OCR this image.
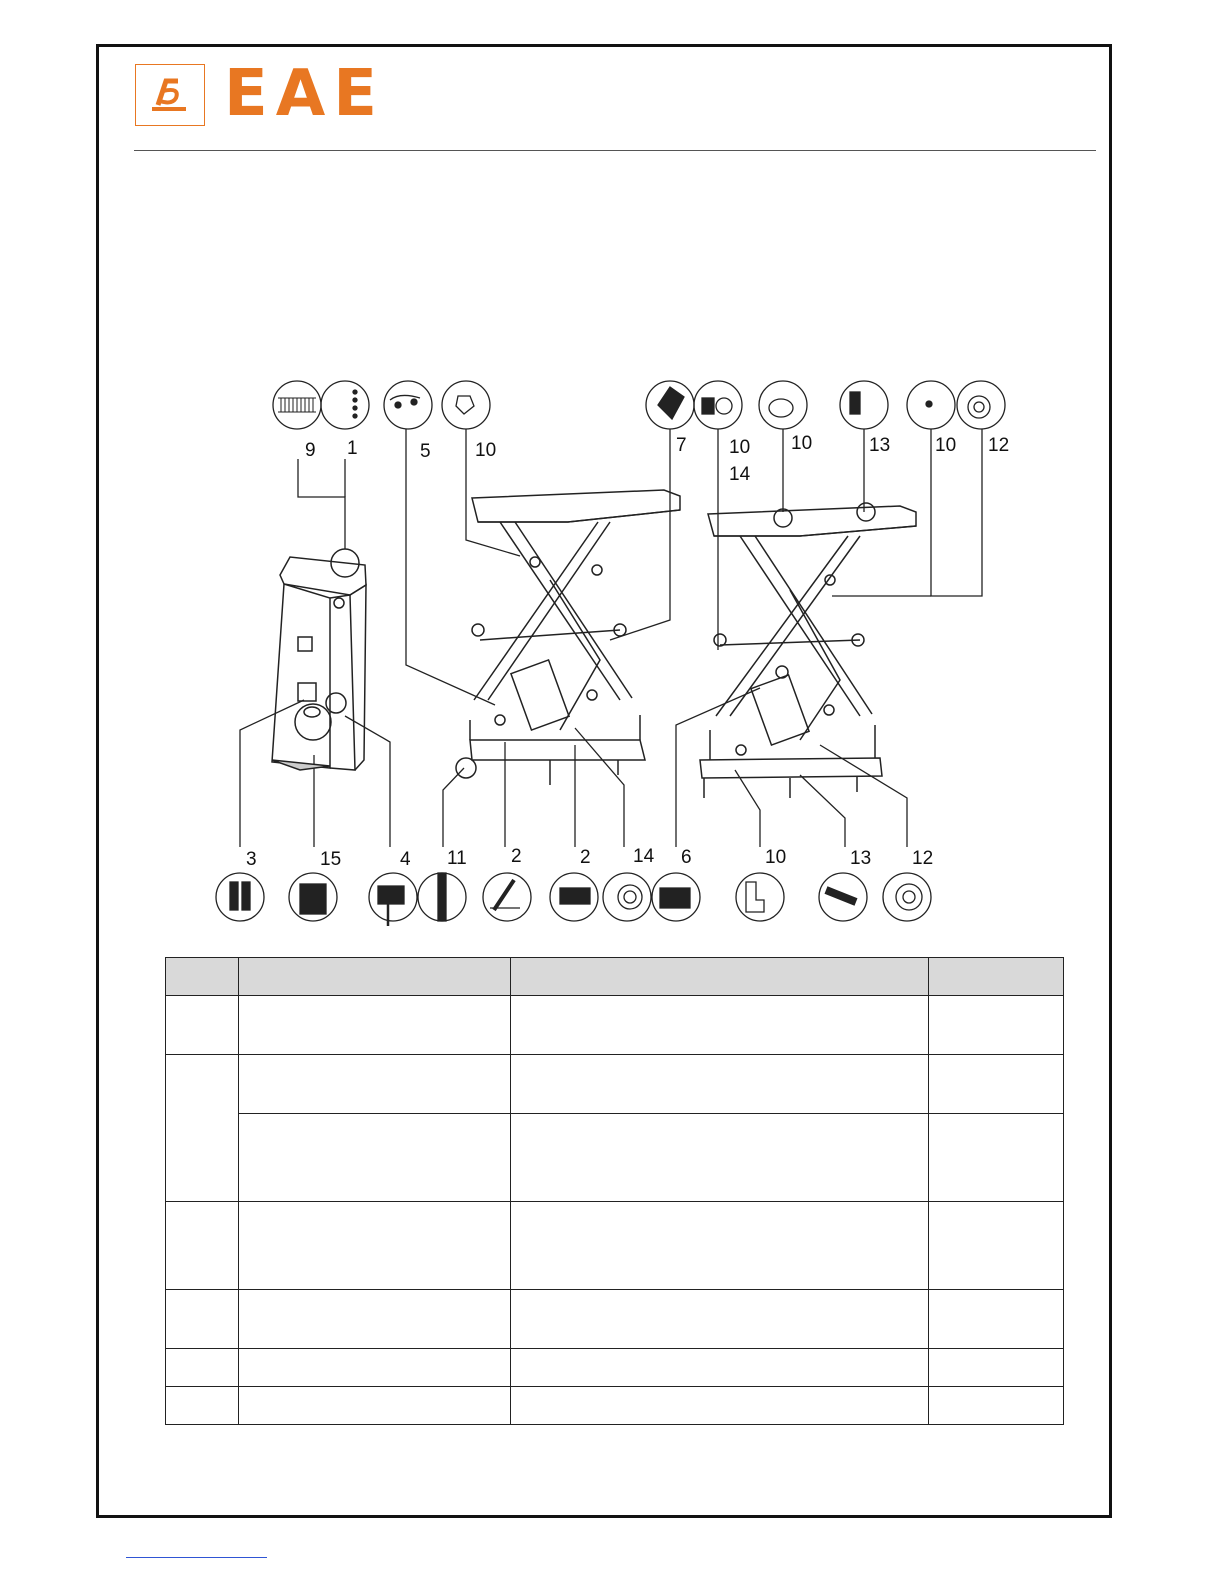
EAE
9 1	5 10	7 10
14
10	13 10 12
3	15	4 11 2	2 14 6	10	13 12
